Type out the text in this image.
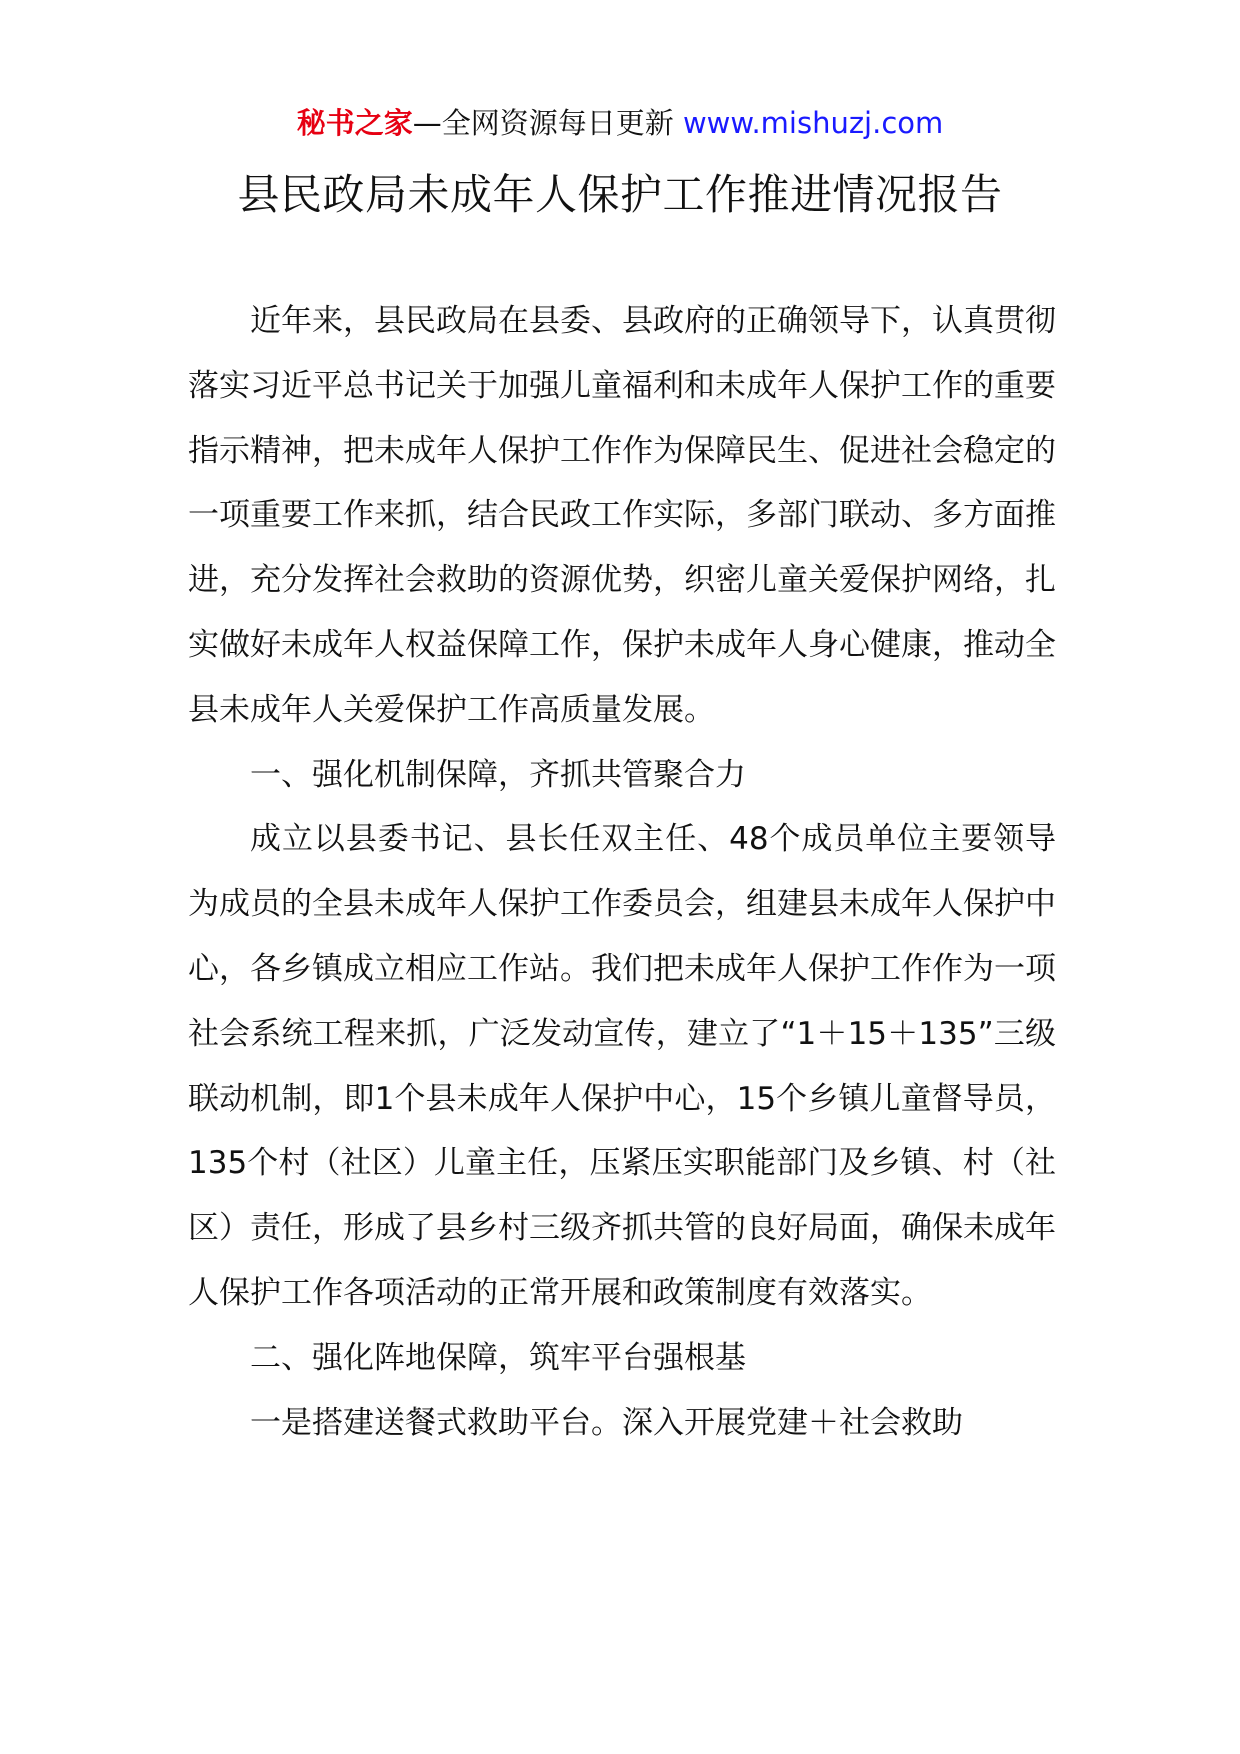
秘书之家—全网资源每日更新 www.mishuzj.com
县民政局未成年人保护工作推进情况报告

近年来，县民政局在县委、县政府的正确领导下，认真贯彻落实习近平总书记关于加强儿童福利和未成年人保护工作的重要指示精神，把未成年人保护工作作为保障民生、促进社会稳定的一项重要工作来抓，结合民政工作实际，多部门联动、多方面推进，充分发挥社会救助的资源优势，织密儿童关爱保护网络，扎实做好未成年人权益保障工作，保护未成年人身心健康，推动全县未成年人关爱保护工作高质量发展。

一、强化机制保障，齐抓共管聚合力

成立以县委书记、县长任双主任、48个成员单位主要领导为成员的全县未成年人保护工作委员会，组建县未成年人保护中心，各乡镇成立相应工作站。我们把未成年人保护工作作为一项社会系统工程来抓，广泛发动宣传，建立了“1＋15＋135”三级联动机制，即1个县未成年人保护中心，15个乡镇儿童督导员，135个村（社区）儿童主任，压紧压实职能部门及乡镇、村（社区）责任，形成了县乡村三级齐抓共管的良好局面，确保未成年人保护工作各项活动的正常开展和政策制度有效落实。

二、强化阵地保障，筑牢平台强根基

一是搭建送餐式救助平台。深入开展党建＋社会救助
